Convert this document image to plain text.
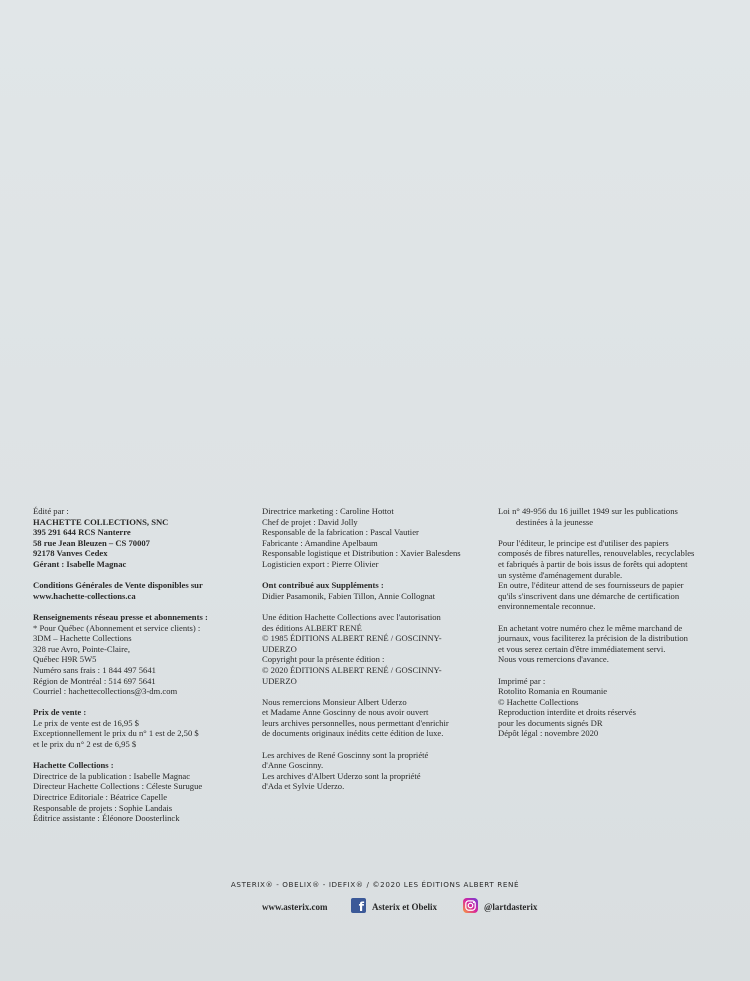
Édité par :
HACHETTE COLLECTIONS, SNC
395 291 644 RCS Nanterre
58 rue Jean Bleuzen – CS 70007
92178 Vanves Cedex
Gérant : Isabelle Magnac
Conditions Générales de Vente disponibles sur
www.hachette-collections.ca
Renseignements réseau presse et abonnements :
* Pour Québec (Abonnement et service clients) :
3DM – Hachette Collections
328 rue Avro, Pointe-Claire,
Québec H9R 5W5
Numéro sans frais : 1 844 497 5641
Région de Montréal : 514 697 5641
Courriel : hachettecollections@3-dm.com
Prix de vente :
Le prix de vente est de 16,95 $
Exceptionnellement le prix du n° 1 est de 2,50 $
et le prix du n° 2 est de 6,95 $
Hachette Collections :
Directrice de la publication : Isabelle Magnac
Directeur Hachette Collections : Céleste Surugue
Directrice Editoriale : Béatrice Capelle
Responsable de projets : Sophie Landais
Éditrice assistante : Éléonore Doosterlinck
Directrice marketing : Caroline Hottot
Chef de projet : David Jolly
Responsable de la fabrication : Pascal Vautier
Fabricante : Amandine Apelbaum
Responsable logistique et Distribution : Xavier Balesdens
Logisticien export : Pierre Olivier
Ont contribué aux Suppléments :
Didier Pasamonik, Fabien Tillon, Annie Collognat
Une édition Hachette Collections avec l'autorisation
des éditions ALBERT RENÉ
© 1985 ÉDITIONS ALBERT RENÉ / GOSCINNY-
UDERZO
Copyright pour la présente édition :
© 2020 ÉDITIONS ALBERT RENÉ / GOSCINNY-
UDERZO
Nous remercions Monsieur Albert Uderzo
et Madame Anne Goscinny de nous avoir ouvert
leurs archives personnelles, nous permettant d'enrichir
de documents originaux inédits cette édition de luxe.
Les archives de René Goscinny sont la propriété
d'Anne Goscinny.
Les archives d'Albert Uderzo sont la propriété
d'Ada et Sylvie Uderzo.
Loi n° 49-956 du 16 juillet 1949 sur les publications
destinées à la jeunesse
Pour l'éditeur, le principe est d'utiliser des papiers
composés de fibres naturelles, renouvelables, recyclables
et fabriqués à partir de bois issus de forêts qui adoptent
un système d'aménagement durable.
En outre, l'éditeur attend de ses fournisseurs de papier
qu'ils s'inscrivent dans une démarche de certification
environnementale reconnue.
En achetant votre numéro chez le même marchand de
journaux, vous faciliterez la précision de la distribution
et vous serez certain d'être immédiatement servi.
Nous vous remercions d'avance.
Imprimé par :
Rotolito Romania en Roumanie
© Hachette Collections
Reproduction interdite et droits réservés
pour les documents signés DR
Dépôt légal : novembre 2020
ASTERIX® - OBELIX® - IDEFIX® / ©2020 LES ÉDITIONS ALBERT RENÉ
www.asterix.com	f Asterix et Obelix	@lartdasterix
